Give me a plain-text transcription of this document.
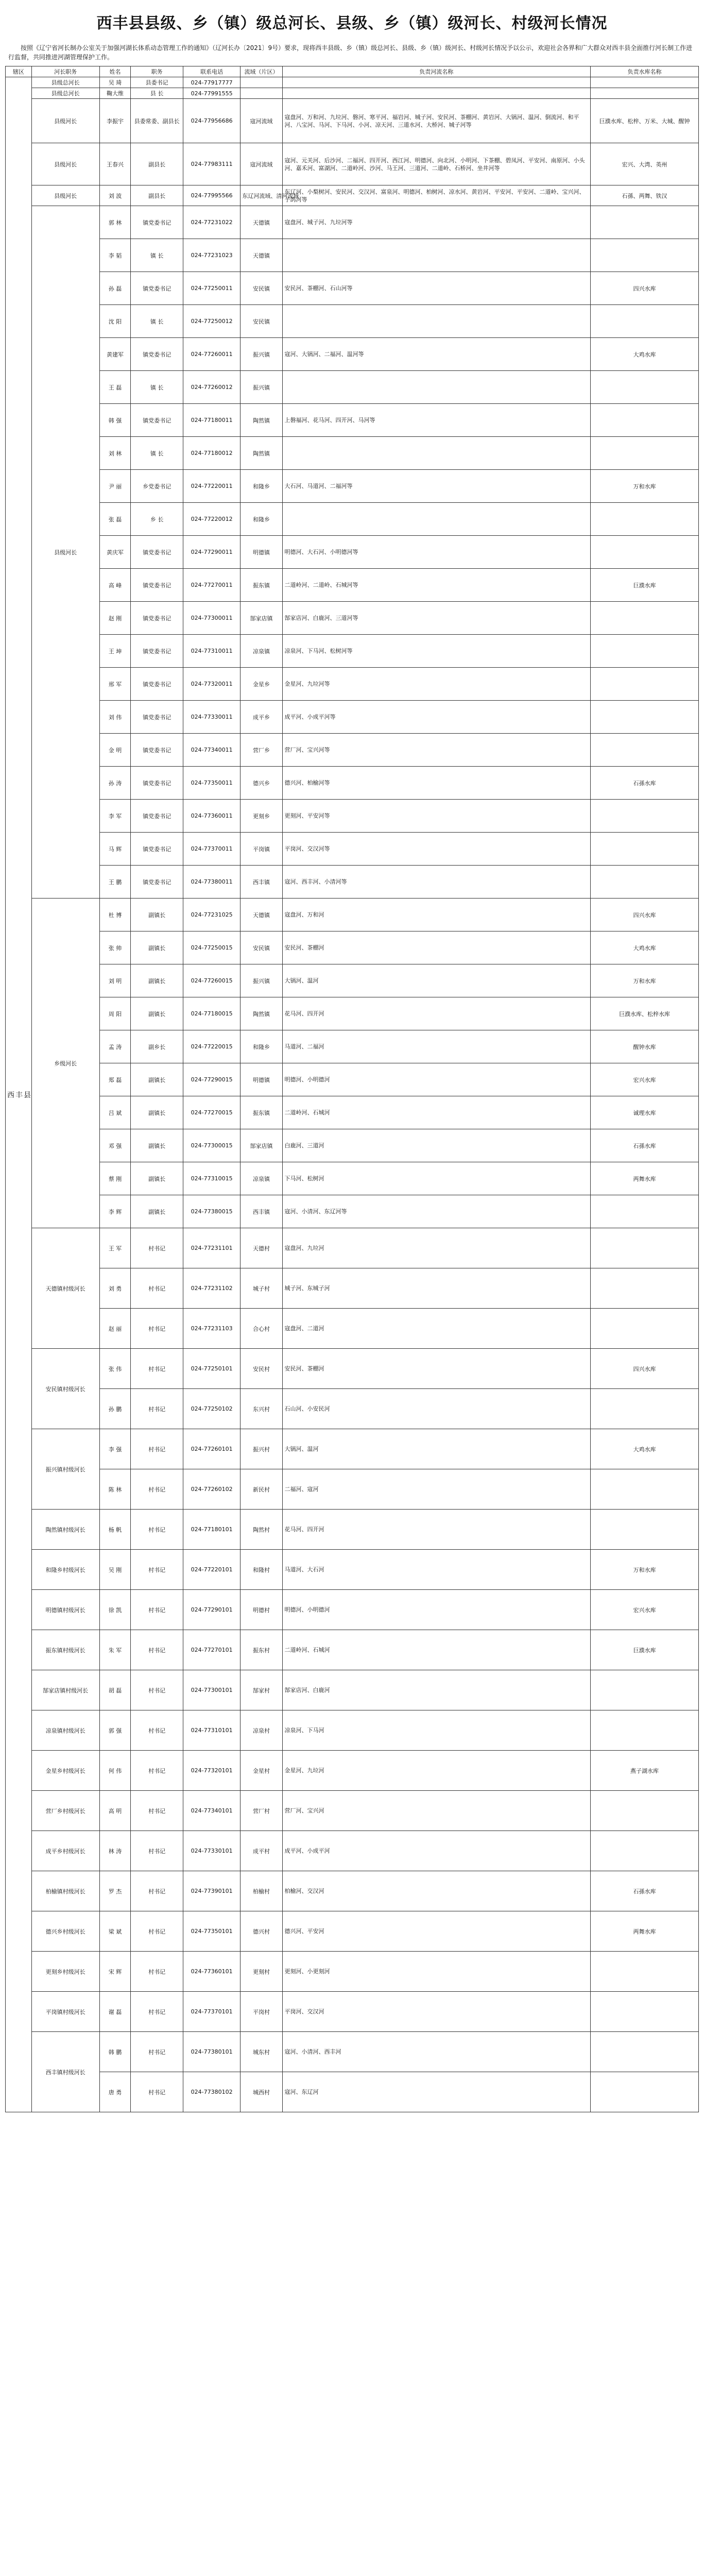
西丰县县级、乡（镇）级总河长、县级、乡（镇）级河长、村级河长情况
按照《辽宁省河长制办公室关于加强河湖长体系动态管理工作的通知》（辽河长办〔2021〕9号）要求，现将西丰县级、乡（镇）级总河长、县级、乡（镇）级河长、村级河长情况予以公示，欢迎社会各界和广大群众对西丰县全面推行河长制工作进行监督，共同推进河湖管理保护工作。
辖区	河长职务	姓名	职务	联系电话	流域（片区）	负责河流名称	负责水库名称
西丰县	县级总河长	吴 琦	县委书记	024-77917777			
	县级总河长	鞠大维	县 长	024-77991555			
	县级河长	李振宇	县委常委、副县长	024-77956686	寇河流域	寇盘河、万和河、九垃河、磐河、寒平河、福岩河、城子河、安民河、茶棚河、黄岩河、大锅河、温河、倒流河、和平河、八宝河、马河、下马河、小河、凉天河、三道水河、大桥河、城子河等	巨濮水库、松梓、万米、大城、醒钟
	县级河长	王春兴	副县长	024-77983111	寇河流域	寇河、元关河、后沙河、二福河、四开河、西江河、明德河、向北河、小明河、下茶棚、碧凤河、平安河、南原河、小头河、嘉禾河、富湖河、二道岭河、沙河、马王河、三道河、二道岭、石桥河、坐井河等	宏兴、大湾、英州
	县级河长	刘 波	副县长	024-77995566	东辽河流域、清河流域	东辽河、小梨树河、安民河、交汉河、富泉河、明德河、柏树河、凉水河、黄岩河、平安河、平安河、二道岭、宝兴河、子鸽河等	石孫、两舞、铁汉
	县级河长	郭 林	镇党委书记	024-77231022	天德镇	寇盘河、城子河、九垃河等	
		李 韬	镇 长	024-77231023	天德镇		
		孙 磊	镇党委书记	024-77250011	安民镇	安民河、茶棚河、石山河等	四兴水库
		沈 阳	镇 长	024-77250012	安民镇		
		黄建军	镇党委书记	024-77260011	振兴镇	寇河、大锅河、二福河、温河等	大鸡水库
		王 磊	镇 长	024-77260012	振兴镇		
		韩 强	镇党委书记	024-77180011	陶然镇	上磐福河、花马河、四开河、马河等	
		刘 林	镇 长	024-77180012	陶然镇		
		尹 丽	乡党委书记	024-77220011	和隆乡	大石河、马道河、二福河等	万和水库
		张 磊	乡 长	024-77220012	和隆乡		
		黄庆军	镇党委书记	024-77290011	明德镇	明德河、大石河、小明德河等	
		高 峰	镇党委书记	024-77270011	振东镇	二道岭河、二道岭、石城河等	巨濮水库
		赵 刚	镇党委书记	024-77300011	郜家店镇	郜家店河、白鹿河、三道河等	
		王 坤	镇党委书记	024-77310011	凉泉镇	凉泉河、下马河、松树河等	
		邢 军	镇党委书记	024-77320011	金星乡	金星河、九垃河等	
		刘 伟	镇党委书记	024-77330011	成平乡	成平河、小成平河等	
		金 明	镇党委书记	024-77340011	营厂乡	营厂河、宝兴河等	
		孙 涛	镇党委书记	024-77350011	德兴乡	德兴河、柏榆河等	石孫水库
		李 军	镇党委书记	024-77360011	更刻乡	更刻河、平安河等	
		马 辉	镇党委书记	024-77370011	平岗镇	平岗河、交汉河等	
		王 鹏	镇党委书记	024-77380011	西丰镇	寇河、西丰河、小清河等	
	乡级河长	杜 博	副镇长	024-77231025	天德镇	寇盘河、万和河	四兴水库
		张 帅	副镇长	024-77250015	安民镇	安民河、茶棚河	大鸡水库
		刘 明	副镇长	024-77260015	振兴镇	大锅河、温河	万和水库
		周 阳	副镇长	024-77180015	陶然镇	花马河、四开河	巨濮水库、松梓水库
		孟 涛	副乡长	024-77220015	和隆乡	马道河、二福河	醒钟水库
		郑 磊	副镇长	024-77290015	明德镇	明德河、小明德河	宏兴水库
		吕 斌	副镇长	024-77270015	振东镇	二道岭河、石城河	诚理水库
		邓 强	副镇长	024-77300015	郜家店镇	白鹿河、三道河	石孫水库
		蔡 刚	副镇长	024-77310015	凉泉镇	下马河、松树河	两舞水库
		李 辉	副镇长	024-77380015	西丰镇	寇河、小清河、东辽河等	
	天德镇村级河长	王 军	村书记	024-77231101	天德村	寇盘河、九垃河	
		刘 勇	村书记	024-77231102	城子村	城子河、东城子河	
		赵 丽	村书记	024-77231103	合心村	寇盘河、二道河	
	安民镇村级河长	张 伟	村书记	024-77250101	安民村	安民河、茶棚河	四兴水库
		孙 鹏	村书记	024-77250102	东兴村	石山河、小安民河	
	振兴镇村级河长	李 强	村书记	024-77260101	振兴村	大锅河、温河	大鸡水库
		陈 林	村书记	024-77260102	新民村	二福河、寇河	
	陶然镇村级河长	杨 帆	村书记	024-77180101	陶然村	花马河、四开河	
	和隆乡村级河长	吴 刚	村书记	024-77220101	和隆村	马道河、大石河	万和水库
	明德镇村级河长	徐 凯	村书记	024-77290101	明德村	明德河、小明德河	宏兴水库
	振东镇村级河长	朱 军	村书记	024-77270101	振东村	二道岭河、石城河	巨濮水库
	郜家店镇村级河长	胡 磊	村书记	024-77300101	郜家村	郜家店河、白鹿河	
	凉泉镇村级河长	郭 强	村书记	024-77310101	凉泉村	凉泉河、下马河	
	金星乡村级河长	何 伟	村书记	024-77320101	金星村	金星河、九垃河	燕子湖水库
	营厂乡村级河长	高 明	村书记	024-77340101	营厂村	营厂河、宝兴河	
	成平乡村级河长	林 涛	村书记	024-77330101	成平村	成平河、小成平河	
	柏榆镇村级河长	罗 杰	村书记	024-77390101	柏榆村	柏榆河、交汉河	石孫水库
	德兴乡村级河长	梁 斌	村书记	024-77350101	德兴村	德兴河、平安河	两舞水库
	更刻乡村级河长	宋 辉	村书记	024-77360101	更刻村	更刻河、小更刻河	
	平岗镇村级河长	谢 磊	村书记	024-77370101	平岗村	平岗河、交汉河	
	西丰镇村级河长	韩 鹏	村书记	024-77380101	城东村	寇河、小清河、西丰河	
		唐 勇	村书记	024-77380102	城西村	寇河、东辽河	
